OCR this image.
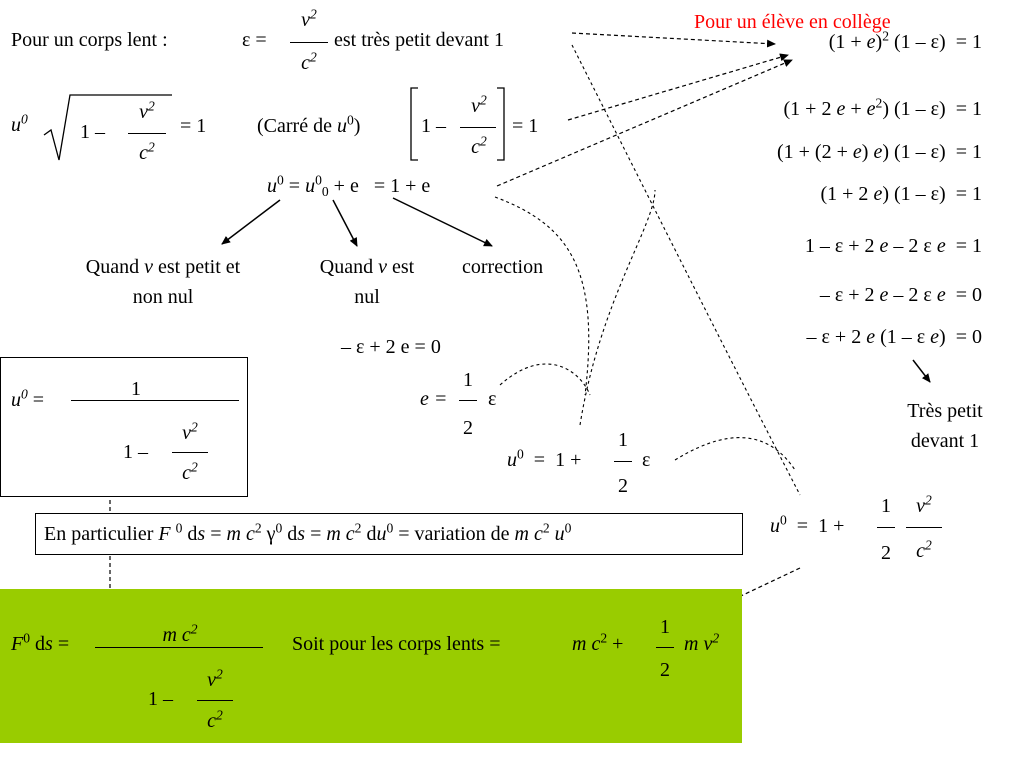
Pour un élève en collège
Pour un corps lent :	ε =
$v^2$
$c^2$
est très petit devant 1
$u^0$
1 –
$v^2$
$c^2$
= 1	(Carré de $u^0$)	1 –
$v^2$
$c^2$
= 1
$u^0 = u^0_0 + e = 1 + e$
Quand v est petit et
non nul
Quand v est
nul
correction
– ε + 2 e = 0
e =
1
2
ε
$u^0 = 1$ +
1
2
ε
$u^0$ =	1
1 –
$v^2$
$c^2$
En particulier F $^0$ ds = m $c^2$ $\gamma^0$ ds = m $c^2$ $du^0$ = variation de m $c^2$ $u^0$
$(1 + e)^2$ (1 – ε)  = 1
(1 + 2 $e + e^2$) (1 – ε)  = 1
(1 + (2 + e) e) (1 – ε)  = 1
(1 + 2 e) (1 – ε)  = 1
1 – ε + 2 e – 2 ε e  = 1
– ε + 2 e – 2 ε e  = 0
– ε + 2 e (1 – ε e)  = 0
Très petit
devant 1
$u^0 = 1$ +
1
2
$v^2$
$c^2$
$F^0$ ds =	m $c^2$
1 –
$v^2$
$c^2$
Soit pour les corps lents =	m $c^2$ +
1
2
m $v^2$
